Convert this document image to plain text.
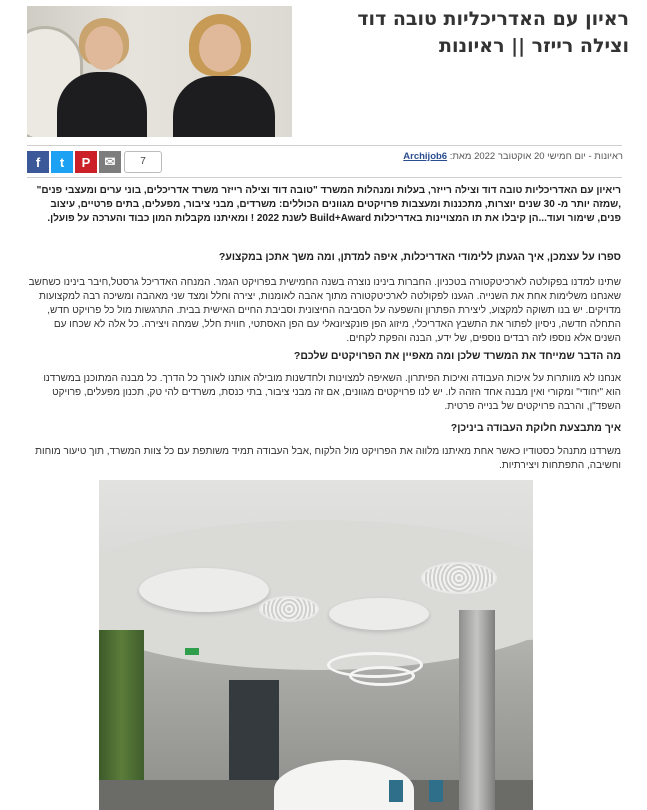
ראיון עם האדריכליות טובה דוד וצילה רייזר || ראיונות
f t P ✉	7	ראיונות - יום חמישי 20 אוקטובר 2022 מאת: Archijob6

ריאיון עם האדריכליות טובה דוד וצילה רייזר, בעלות ומנהלות המשרד "טובה דוד וצילה רייזר משרד אדריכלים, בוני ערים ומעצבי פנים" ,שמזה יותר מ- 30 שנים יוצרות, מתכננות ומעצבות פרויקטים מגוונים הכוללים: משרדים, מבני ציבור, מפעלים, בתים פרטיים, עיצוב פנים, שימור ועוד...הן קיבלו את תו המצויינות באדריכלות Build+Award לשנת 2022 ! ומאיתנו מקבלות המון כבוד והערכה על פועלן.

ספרו על עצמכן, איך הגעתן ללימודי האדריכלות, איפה למדתן, ומה משך אתכן במקצוע?

שתינו למדנו בפקולטה לארכיטקטורה בטכניון. החברות בינינו נוצרה בשנה החמישית בפרויקט הגמר. המנחה האדריכל גרסטל,חיבר בינינו כשחשב שאנחנו משלימות אחת את השנייה. הגענו לפקולטה לארכיטקטורה מתוך אהבה לאומנות, יצירה וחלל ומצד שני מאהבה ומשיכה רבה למקצועות מדויקים. יש בנו תשוקה למקצוע, ליצירת הפתרון והשפעה על הסביבה החיצונית וסביבת החיים האישית בבית. התרגשות מול כל פרויקט חדש, התחלה חדשה, ניסיון לפתור את התשבץ האדריכלי, מיזוג הפן פונקציונאלי עם הפן האסתטי, חווית חלל, שמחה ויצירה. כל אלה לא שכחו עם השנים אלא נוספו לזה רבדים נוספים, של ידע, הבנה והפקת לקחים.

מה הדבר שמייחד את המשרד שלכן ומה מאפיין את הפרויקטים שלכם?

אנחנו לא מוותרות על איכות העבודה ואיכות הפיתרון. השאיפה למצוינות ולחדשנות מובילה אותנו לאורך כל הדרך. כל מבנה המתוכנן במשרדנו הוא "יחודי" ומקורי ואין מבנה אחד הזהה לו. יש לנו פרויקטים מגוונים, אם זה מבני ציבור, בתי כנסת, משרדים להי טק, תכנון מפעלים, פרויקט השפד"ן, והרבה פרויקטים של בנייה פרטית.

איך מתבצעת חלוקת העבודה ביניכן?

משרדנו מתנהל כסטודיו כאשר אחת מאיתנו מלווה את הפרויקט מול הלקוח ,אבל העבודה תמיד משותפת עם כל צוות המשרד, תוך טיעור מוחות וחשיבה, התפתחות ויצירתיות.
